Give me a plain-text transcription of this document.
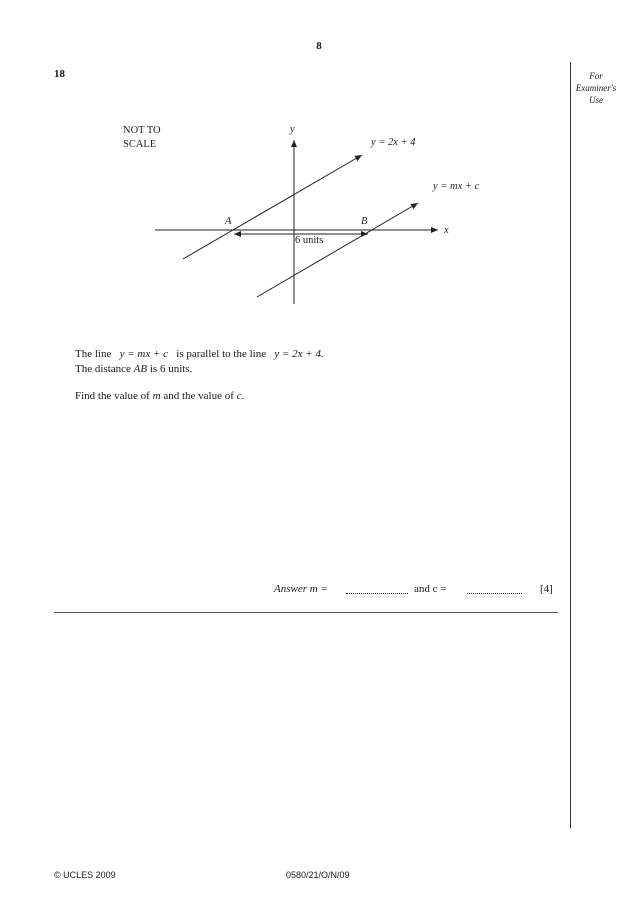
8
18	For
Examiner's
Use
NOT TO
SCALE
y
x
y = 2x + 4
y = mx + c
A	B
6 units
The line y = mx + c is parallel to the line y = 2x + 4.
The distance AB is 6 units.
Find the value of m and the value of c.
Answer m =	and c =	[4]
© UCLES 2009	0580/21/O/N/09
